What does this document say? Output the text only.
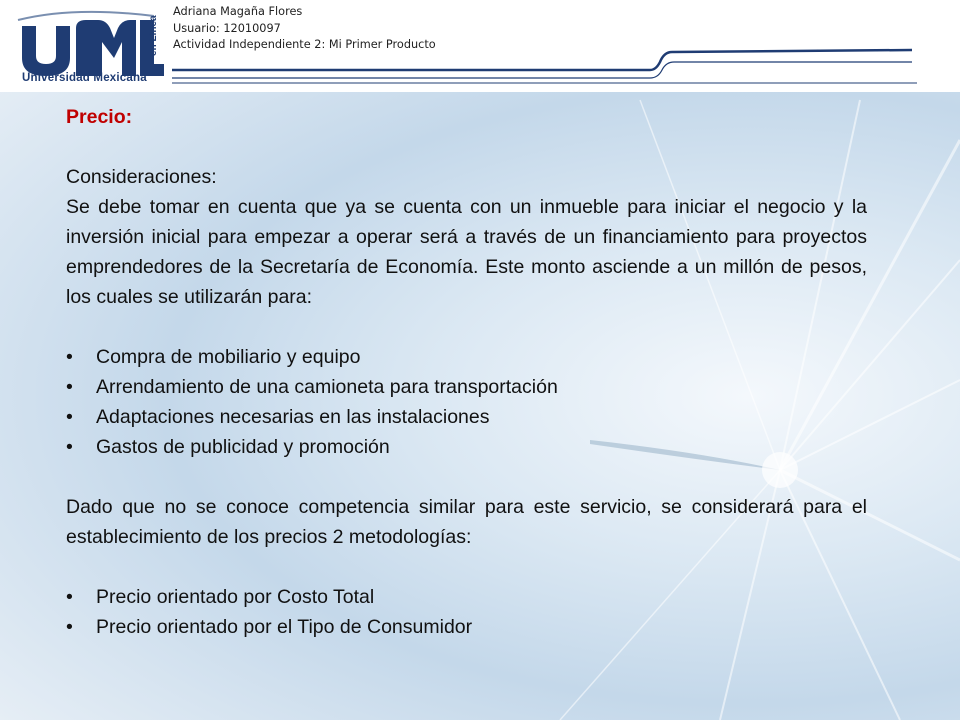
en Línea
Universidad Mexicana
Adriana Magaña Flores
Usuario: 12010097
Actividad Independiente 2: Mi Primer Producto

Precio:

Consideraciones:

Se debe tomar en cuenta que ya se cuenta con un inmueble para iniciar el negocio y la inversión inicial para empezar a operar será a través de un financiamiento para proyectos emprendedores de la Secretaría de Economía. Este monto asciende a un millón de pesos, los cuales se utilizarán para:

• Compra de mobiliario y equipo
• Arrendamiento de una camioneta para transportación
• Adaptaciones necesarias en las instalaciones
• Gastos de publicidad y promoción

Dado que no se conoce competencia similar para este servicio, se considerará para el establecimiento de los precios 2 metodologías:

• Precio orientado por Costo Total
• Precio orientado por el Tipo de Consumidor
